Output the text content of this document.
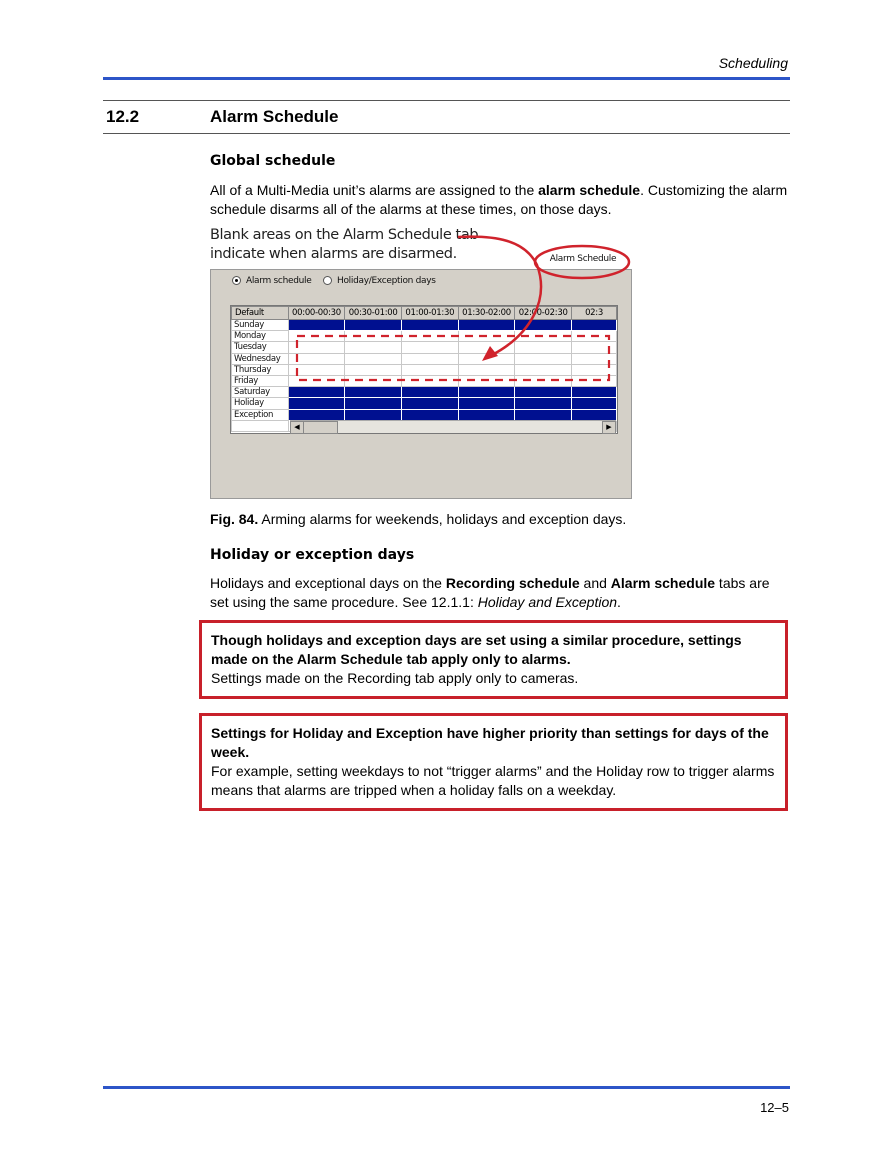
Scheduling
12.2	Alarm Schedule
Global schedule
All of a Multi-Media unit’s alarms are assigned to the alarm schedule. Customizing the alarm schedule disarms all of the alarms at these times, on those days.
Blank areas on the Alarm Schedule tab
indicate when alarms are disarmed.	Alarm Schedule
Alarm schedule	Holiday/Exception days
Default	00:00-00:30	00:30-01:00	01:00-01:30	01:30-02:00	02:00-02:30	02:3
Sunday						
Monday						
Tuesday						
Wednesday						
Thursday						
Friday						
Saturday						
Holiday						
Exception						

◀	▶
Fig. 84. Arming alarms for weekends, holidays and exception days.
Holiday or exception days
Holidays and exceptional days on the Recording schedule and Alarm schedule tabs are set using the same procedure. See 12.1.1: Holiday and Exception.
Though holidays and exception days are set using a similar procedure, settings made on the Alarm Schedule tab apply only to alarms.
Settings made on the Recording tab apply only to cameras.
Settings for Holiday and Exception have higher priority than settings for days of the week.
For example, setting weekdays to not “trigger alarms” and the Holiday row to trigger alarms means that alarms are tripped when a holiday falls on a weekday.
12–5
